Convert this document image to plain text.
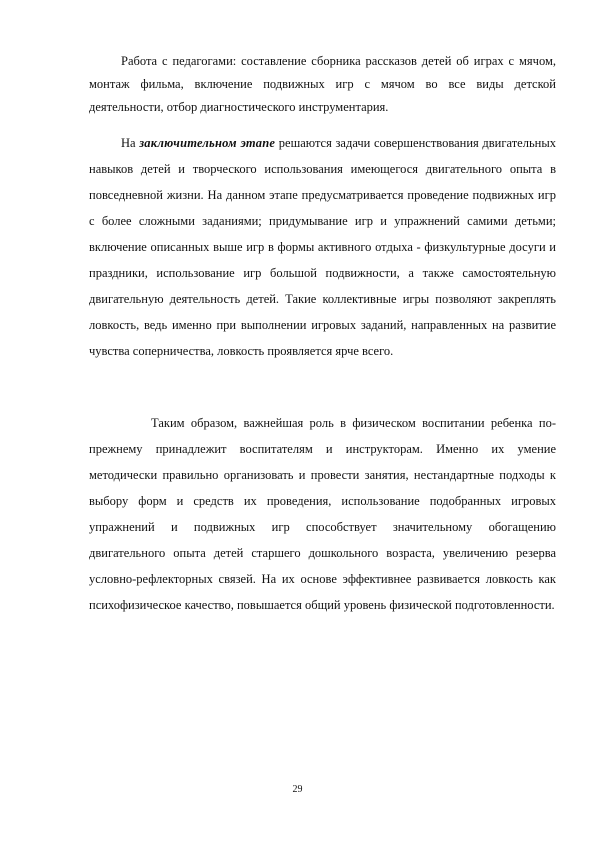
Работа с педагогами: составление сборника рассказов детей об играх с мячом, монтаж фильма, включение подвижных игр с мячом во все виды детской деятельности, отбор диагностического инструментария.

На заключительном этапе решаются задачи совершенствования двигательных навыков детей и творческого использования имеющегося двигательного опыта в повседневной жизни. На данном этапе предусматривается проведение подвижных игр с более сложными заданиями; придумывание игр и упражнений самими детьми; включение описанных выше игр в формы активного отдыха - физкультурные досуги и праздники, использование игр большой подвижности, а также самостоятельную двигательную деятельность детей. Такие коллективные игры позволяют закреплять ловкость, ведь именно при выполнении игровых заданий, направленных на развитие чувства соперничества, ловкость проявляется ярче всего.

Таким образом, важнейшая роль в физическом воспитании ребенка по-прежнему принадлежит воспитателям и инструкторам. Именно их умение методически правильно организовать и провести занятия, нестандартные подходы к выбору форм и средств их проведения, использование подобранных игровых упражнений и подвижных игр способствует значительному обогащению двигательного опыта детей старшего дошкольного возраста, увеличению резерва условно-рефлекторных связей. На их основе эффективнее развивается ловкость как психофизическое качество, повышается общий уровень физической подготовленности.

29
